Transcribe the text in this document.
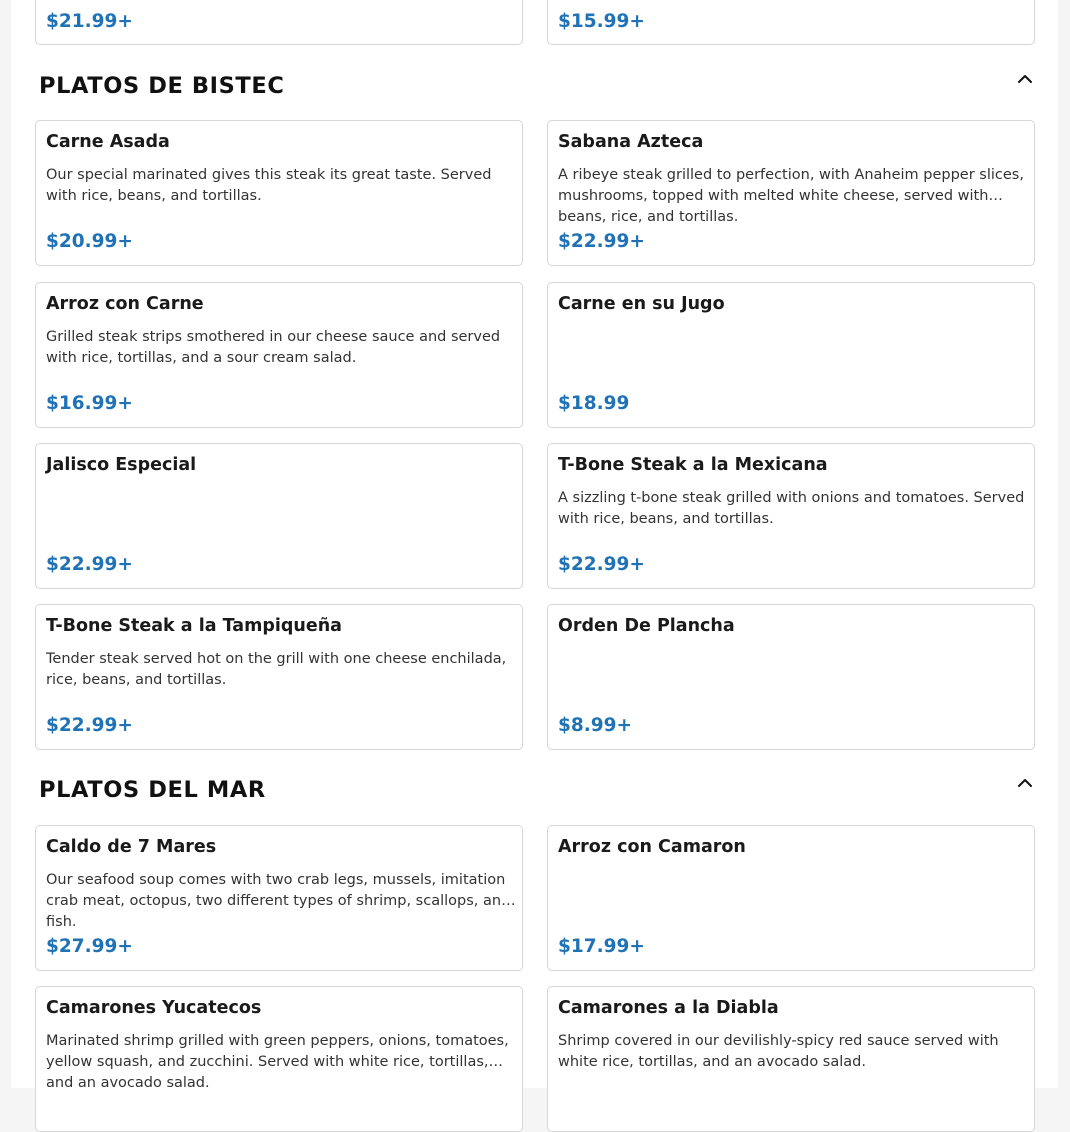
$21.99+	$15.99+
PLATOS DE BISTEC
Carne Asada
Our special marinated gives this steak its great taste. Served with rice, beans, and tortillas.
$20.99+
Sabana Azteca
A ribeye steak grilled to perfection, with Anaheim pepper slices, mushrooms, topped with melted white cheese, served with beans, rice, and tortillas.
$22.99+
Arroz con Carne
Grilled steak strips smothered in our cheese sauce and served with rice, tortillas, and a sour cream salad.
$16.99+
Carne en su Jugo
$18.99
Jalisco Especial
$22.99+
T-Bone Steak a la Mexicana
A sizzling t-bone steak grilled with onions and tomatoes. Served with rice, beans, and tortillas.
$22.99+
T-Bone Steak a la Tampiqueña
Tender steak served hot on the grill with one cheese enchilada, rice, beans, and tortillas.
$22.99+
Orden De Plancha
$8.99+
PLATOS DEL MAR
Caldo de 7 Mares
Our seafood soup comes with two crab legs, mussels, imitation crab meat, octopus, two different types of shrimp, scallops, and fish.
$27.99+
Arroz con Camaron
$17.99+
Camarones Yucatecos
Marinated shrimp grilled with green peppers, onions, tomatoes, yellow squash, and zucchini. Served with white rice, tortillas, and an avocado salad.
Camarones a la Diabla
Shrimp covered in our devilishly-spicy red sauce served with white rice, tortillas, and an avocado salad.
